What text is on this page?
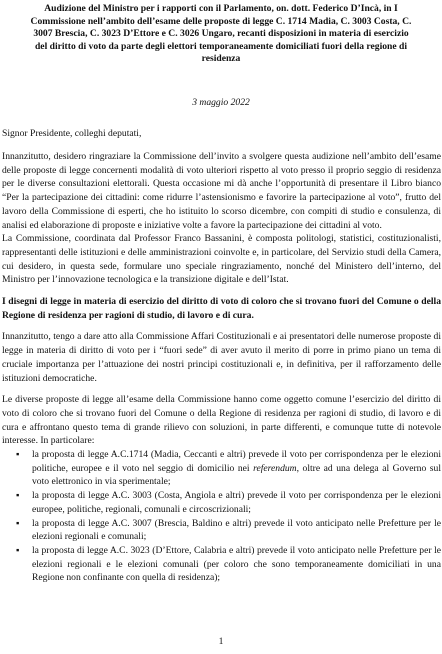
Audizione del Ministro per i rapporti con il Parlamento, on. dott. Federico D’Incà, in I Commissione nell’ambito dell’esame delle proposte di legge C. 1714 Madia, C. 3003 Costa, C. 3007 Brescia, C. 3023 D’Ettore e C. 3026 Ungaro, recanti disposizioni in materia di esercizio del diritto di voto da parte degli elettori temporaneamente domiciliati fuori della regione di residenza
3 maggio 2022
Signor Presidente, colleghi deputati,

Innanzitutto, desidero ringraziare la Commissione dell’invito a svolgere questa audizione nell’ambito dell’esame delle proposte di legge concernenti modalità di voto ulteriori rispetto al voto presso il proprio seggio di residenza per le diverse consultazioni elettorali. Questa occasione mi dà anche l’opportunità di presentare il Libro bianco “Per la partecipazione dei cittadini: come ridurre l’astensionismo e favorire la partecipazione al voto”, frutto del lavoro della Commissione di esperti, che ho istituito lo scorso dicembre, con compiti di studio e consulenza, di analisi ed elaborazione di proposte e iniziative volte a favore la partecipazione dei cittadini al voto.

La Commissione, coordinata dal Professor Franco Bassanini, è composta politologi, statistici, costituzionalisti, rappresentanti delle istituzioni e delle amministrazioni coinvolte e, in particolare, del Servizio studi della Camera, cui desidero, in questa sede, formulare uno speciale ringraziamento, nonché del Ministero dell’interno, del Ministro per l’innovazione tecnologica e la transizione digitale e dell’Istat.

I disegni di legge in materia di esercizio del diritto di voto di coloro che si trovano fuori del Comune o della Regione di residenza per ragioni di studio, di lavoro e di cura.

Innanzitutto, tengo a dare atto alla Commissione Affari Costituzionali e ai presentatori delle numerose proposte di legge in materia di diritto di voto per i “fuori sede” di aver avuto il merito di porre in primo piano un tema di cruciale importanza per l’attuazione dei nostri principi costituzionali e, in definitiva, per il rafforzamento delle istituzioni democratiche.

Le diverse proposte di legge all’esame della Commissione hanno come oggetto comune l’esercizio del diritto di voto di coloro che si trovano fuori del Comune o della Regione di residenza per ragioni di studio, di lavoro e di cura e affrontano questo tema di grande rilievo con soluzioni, in parte differenti, e comunque tutte di notevole interesse. In particolare:

▪ la proposta di legge A.C.1714 (Madia, Ceccanti e altri) prevede il voto per corrispondenza per le elezioni politiche, europee e il voto nel seggio di domicilio nei referendum, oltre ad una delega al Governo sul voto elettronico in via sperimentale;
▪ la proposta di legge A.C. 3003 (Costa, Angiola e altri) prevede il voto per corrispondenza per le elezioni europee, politiche, regionali, comunali e circoscrizionali;
▪ la proposta di legge A.C. 3007 (Brescia, Baldino e altri) prevede il voto anticipato nelle Prefetture per le elezioni regionali e comunali;
▪ la proposta di legge A.C. 3023 (D’Ettore, Calabria e altri) prevede il voto anticipato nelle Prefetture per le elezioni regionali e le elezioni comunali (per coloro che sono temporaneamente domiciliati in una Regione non confinante con quella di residenza);
1
